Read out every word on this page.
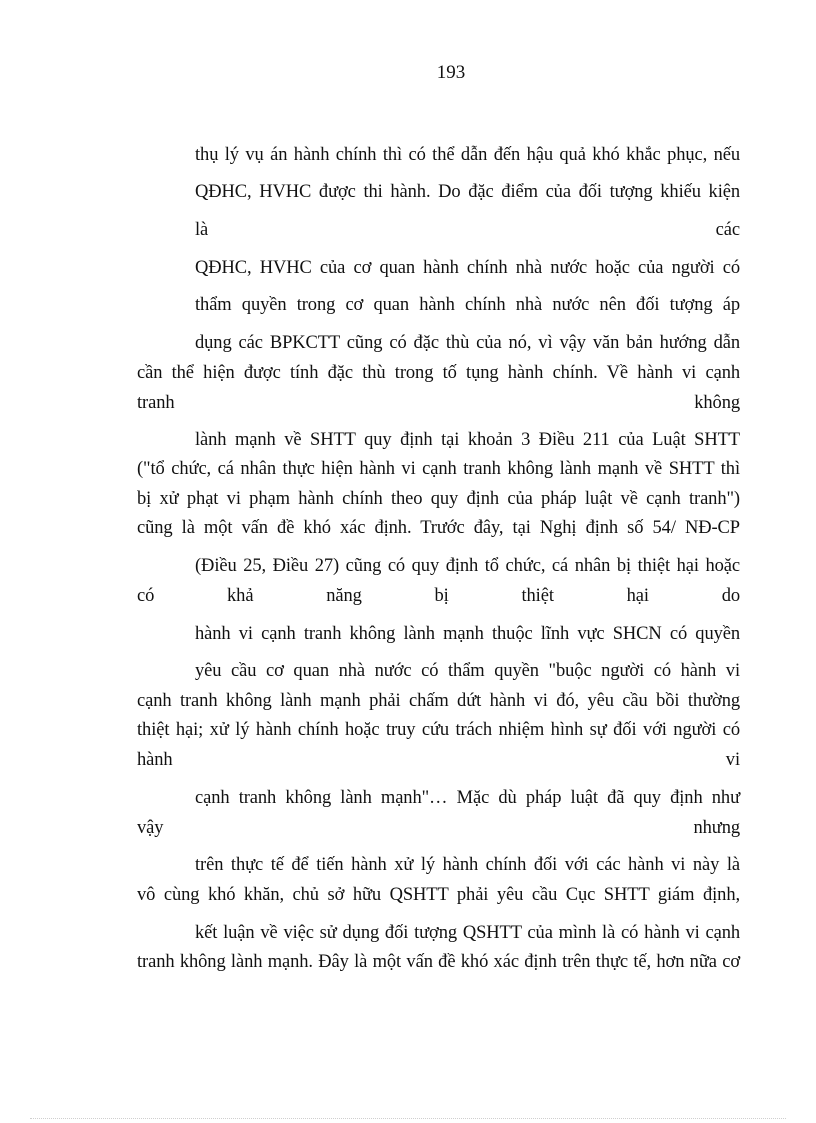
193
thụ lý vụ án hành chính thì có thể dẫn đến hậu quả khó khắc phục, nếu
QĐHC, HVHC được thi hành. Do đặc điểm của đối tượng khiếu kiện
là các
QĐHC, HVHC của cơ quan hành chính nhà nước hoặc của người có
thẩm quyền trong cơ quan hành chính nhà nước nên đối tượng áp
dụng các BPKCTT cũng có đặc thù của nó, vì vậy văn bản hướng dẫn
cần thể hiện được tính đặc thù trong tố tụng hành chính. Về hành vi cạnh
tranh không
lành mạnh về SHTT quy định tại khoản 3 Điều 211 của Luật SHTT
("tổ chức, cá nhân thực hiện hành vi cạnh tranh không lành mạnh về SHTT thì
bị xử phạt vi phạm hành chính theo quy định của pháp luật về cạnh tranh")
cũng là một vấn đề khó xác định. Trước đây, tại Nghị định số 54/ NĐ-CP
(Điều 25, Điều 27) cũng có quy định tổ chức, cá nhân bị thiệt hại hoặc
có khả năng bị thiệt hại do
hành vi cạnh tranh không lành mạnh thuộc lĩnh vực SHCN có quyền
yêu cầu cơ quan nhà nước có thẩm quyền "buộc người có hành vi
cạnh tranh không lành mạnh phải chấm dứt hành vi đó, yêu cầu bồi thường
thiệt hại; xử lý hành chính hoặc truy cứu trách nhiệm hình sự đối với người có
hành vi
cạnh tranh không lành mạnh"… Mặc dù pháp luật đã quy định như
vậy nhưng
trên thực tế để tiến hành xử lý hành chính đối với các hành vi này là
vô cùng khó khăn, chủ sở hữu QSHTT phải yêu cầu Cục SHTT giám định,
kết luận về việc sử dụng đối tượng QSHTT của mình là có hành vi cạnh
tranh không lành mạnh. Đây là một vấn đề khó xác định trên thực tế, hơn nữa cơ
